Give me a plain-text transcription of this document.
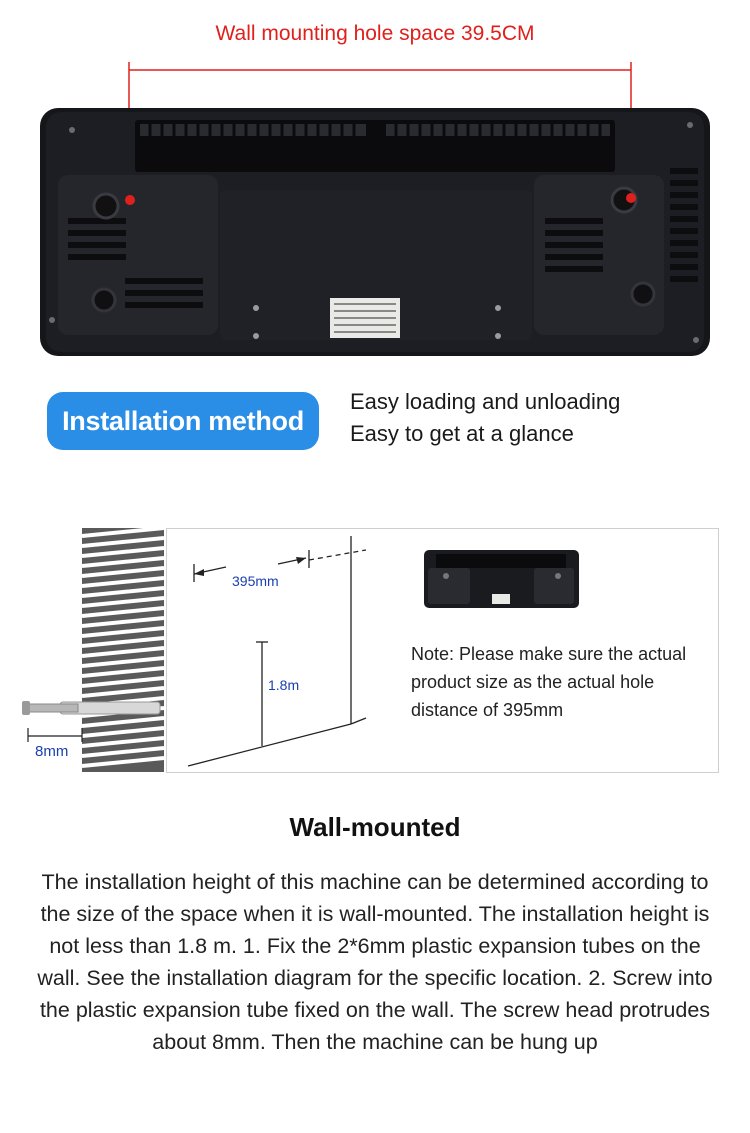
Wall mounting hole space 39.5CM
Installation method
Easy loading and unloading
Easy to get at a glance
8mm
395mm
1.8m
Note: Please make sure the actual product size as the actual hole distance of 395mm
Wall-mounted
The installation height of this machine can be determined according to the size of the space when it is wall-mounted. The installation height is not less than 1.8 m. 1. Fix the 2*6mm plastic expansion tubes on the wall. See the installation diagram for the specific location. 2. Screw into the plastic expansion tube fixed on the wall. The screw head protrudes about 8mm. Then the machine can be hung up
